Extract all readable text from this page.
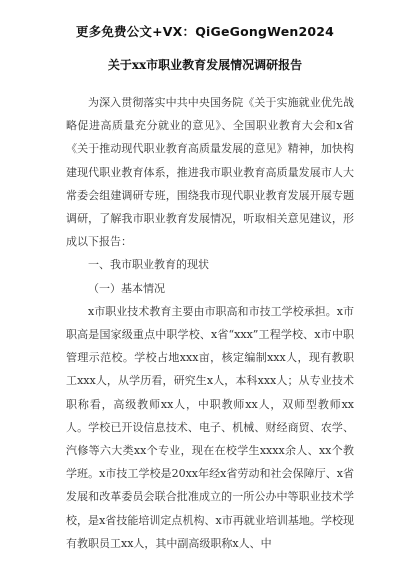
更多免费公文+VX：QiGeGongWen2024
关于xx市职业教育发展情况调研报告

为深入贯彻落实中共中央国务院《关于实施就业优先战略促进高质量充分就业的意见》、全国职业教育大会和x省《关于推动现代职业教育高质量发展的意见》精神，加快构建现代职业教育体系，推进我市职业教育高质量发展市人大常委会组建调研专班，围绕我市现代职业教育发展开展专题调研，了解我市职业教育发展情况，听取相关意见建议，形成以下报告：

一、我市职业教育的现状

（一）基本情况

x市职业技术教育主要由市职高和市技工学校承担。x市职高是国家级重点中职学校、x省“xxx”工程学校、x市中职管理示范校。学校占地xxx亩，核定编制xxx人，现有教职工xxx人，从学历看，研究生x人，本科xxx人；从专业技术职称看，高级教师xx人，中职教师xx人，双师型教师xx人。学校已开设信息技术、电子、机械、财经商贸、农学、汽修等六大类xx个专业，现在在校学生xxxx余人、xx个教学班。x市技工学校是20xx年经x省劳动和社会保障厅、x省发展和改革委员会联合批准成立的一所公办中等职业技术学校，是x省技能培训定点机构、x市再就业培训基地。学校现有教职员工xx人，其中副高级职称x人、中
